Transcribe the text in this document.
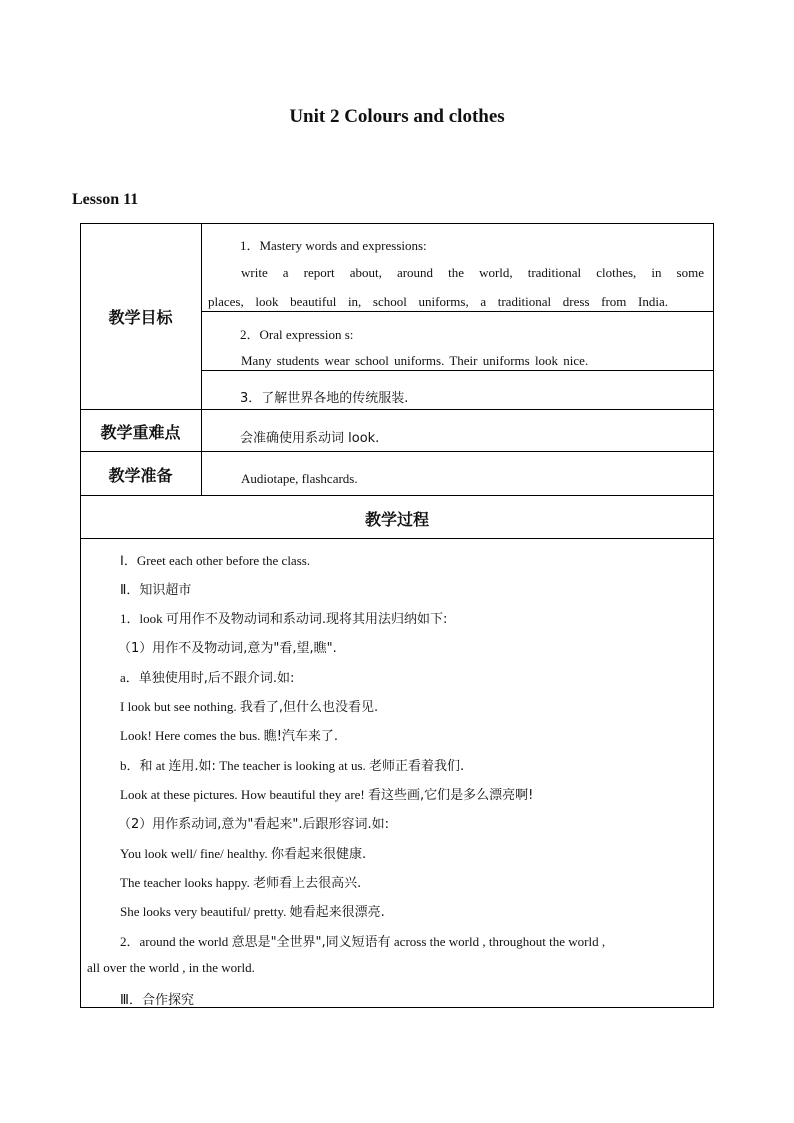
Unit 2 Colours and clothes
Lesson 11
教学目标
教学重难点
教学准备
教学过程
1．Mastery words and expressions:
write a report about, around the world, traditional clothes, in some
places, look beautiful in, school uniforms, a traditional dress from India.
2．Oral expression s:
Many students wear school uniforms. Their uniforms look nice.
3．了解世界各地的传统服装.
会准确使用系动词 look.
Audiotape, flashcards.
Ⅰ．Greet each other before the class.
Ⅱ．知识超市
1．look 可用作不及物动词和系动词.现将其用法归纳如下:
（1）用作不及物动词,意为"看,望,瞧".
a．单独使用时,后不跟介词.如:
I look but see nothing. 我看了,但什么也没看见.
Look! Here comes the bus. 瞧!汽车来了.
b．和 at 连用.如: The teacher is looking at us. 老师正看着我们.
Look at these pictures. How beautiful they are! 看这些画,它们是多么漂亮啊!
（2）用作系动词,意为"看起来".后跟形容词.如:
You look well/ fine/ healthy. 你看起来很健康.
The teacher looks happy. 老师看上去很高兴.
She looks very beautiful/ pretty. 她看起来很漂亮.
2．around the world 意思是"全世界",同义短语有 across the world , throughout the world ,
all over the world , in the world.
Ⅲ．合作探究
